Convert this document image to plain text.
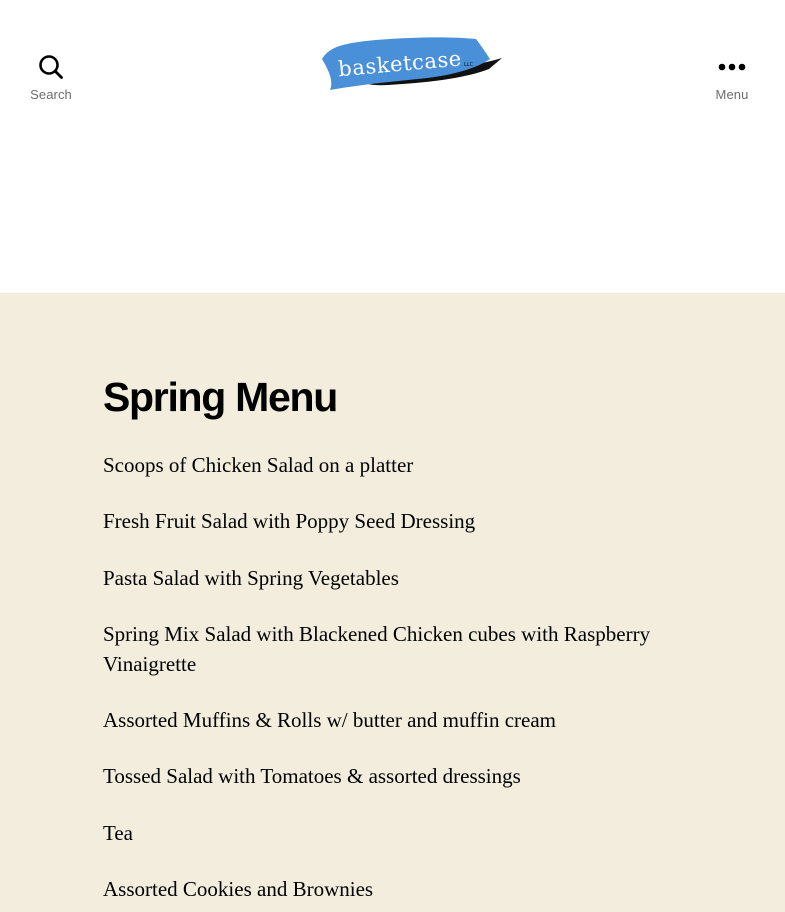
Search
basketcase LLC
Menu
Spring Menu

Scoops of Chicken Salad on a platter

Fresh Fruit Salad with Poppy Seed Dressing

Pasta Salad with Spring Vegetables

Spring Mix Salad with Blackened Chicken cubes with Raspberry Vinaigrette

Assorted Muffins & Rolls w/ butter and muffin cream

Tossed Salad with Tomatoes & assorted dressings

Tea

Assorted Cookies and Brownies
